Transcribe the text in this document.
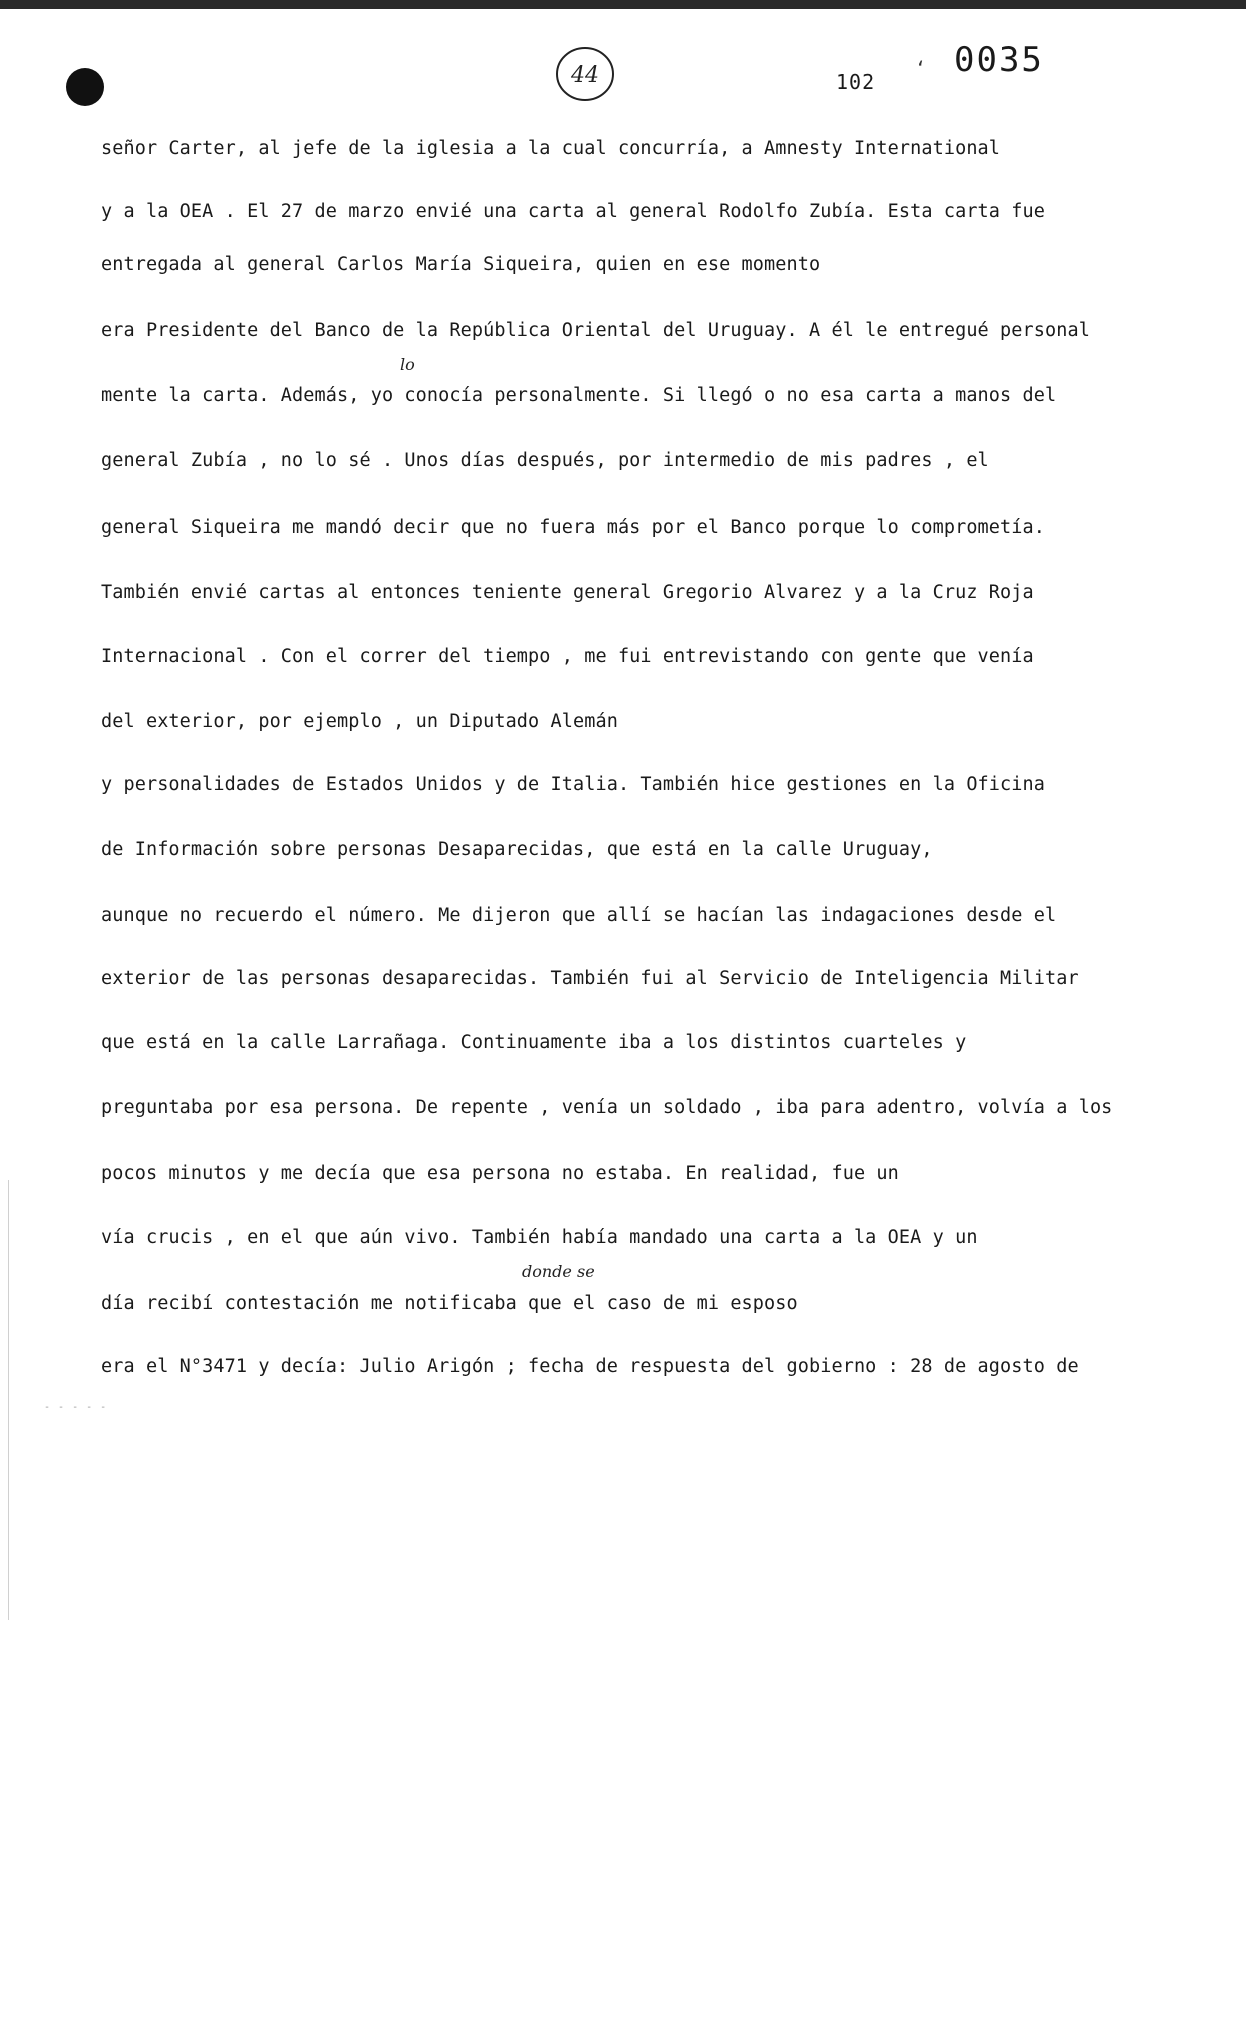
44	102
‘ 0035
- - - - -
señor Carter, al jefe de la iglesia a la cual concurría, a Amnesty International
y a la OEA . El 27 de marzo envié una carta al general Rodolfo Zubía. Esta carta fue
entregada al general Carlos María Siqueira, quien en ese momento
era Presidente del Banco de la República Oriental del Uruguay. A él le entregué personal
lo
mente la carta. Además, yo conocía personalmente. Si llegó o no esa carta a manos del
general Zubía , no lo sé . Unos días después, por intermedio de mis padres , el
general Siqueira me mandó decir que no fuera más por el Banco porque lo comprometía.
También envié cartas al entonces teniente general Gregorio Alvarez y a la Cruz Roja
Internacional . Con el correr del tiempo , me fui entrevistando con gente que venía
del exterior, por ejemplo , un Diputado Alemán
y personalidades de Estados Unidos y de Italia. También hice gestiones en la Oficina
de Información sobre personas Desaparecidas, que está en la calle Uruguay,
aunque no recuerdo el número. Me dijeron que allí se hacían las indagaciones desde el
exterior de las personas desaparecidas. También fui al Servicio de Inteligencia Militar
que está en la calle Larrañaga. Continuamente iba a los distintos cuarteles y
preguntaba por esa persona. De repente , venía un soldado , iba para adentro, volvía a los
pocos minutos y me decía que esa persona no estaba. En realidad, fue un
vía crucis , en el que aún vivo. También había mandado una carta a la OEA y un
donde se
día recibí contestación me notificaba que el caso de mi esposo
era el N°3471 y decía: Julio Arigón ; fecha de respuesta del gobierno : 28 de agosto de
